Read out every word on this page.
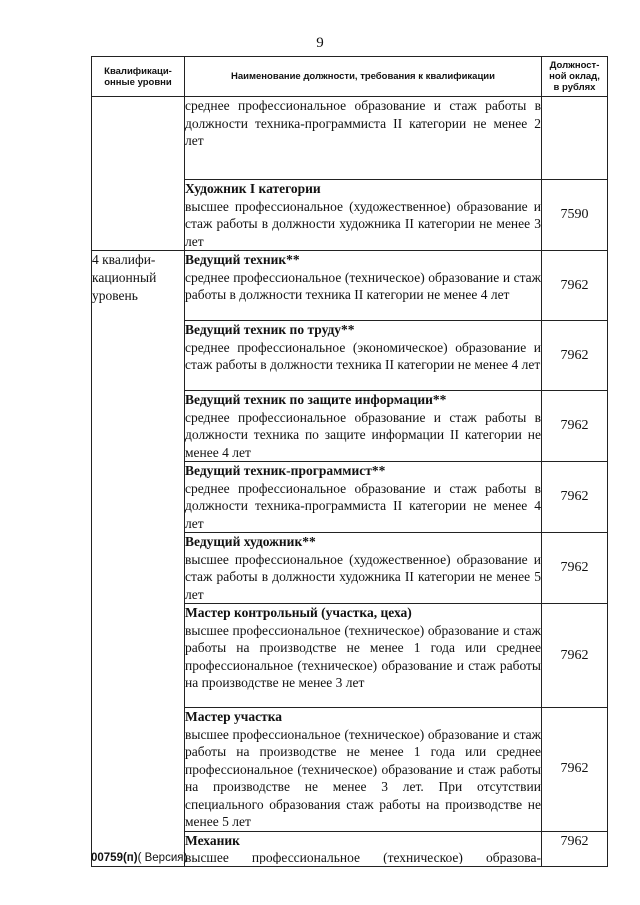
9
Квалификаци-онные уровни	Наименование должности, требования к квалификации	Должност-ной оклад, в рублях

	среднее профессиональное образование и стаж работы в должности техника-программиста II категории не менее 2 лет	

	Художник I категории
высшее профессиональное (художественное) образование и стаж работы в должности художника II категории не менее 3 лет	7590
4 квалифи-кационный уровень	Ведущий техник**
среднее профессиональное (техническое) образование и стаж работы в должности техника II категории не менее 4 лет	7962

	Ведущий техник по труду**
среднее профессиональное (экономическое) образование и стаж работы в должности техника II категории не менее 4 лет	7962

	Ведущий техник по защите информации**
среднее профессиональное образование и стаж работы в должности техника по защите информации II категории не менее 4 лет	7962

	Ведущий техник-программист**
среднее профессиональное образование и стаж работы в должности техника-программиста II категории не менее 4 лет	7962

	Ведущий художник**
высшее профессиональное (художественное) образование и стаж работы в должности художника II категории не менее 5 лет	7962

	Мастер контрольный (участка, цеха)
высшее профессиональное (техническое) образование и стаж работы на производстве не менее 1 года или среднее профессиональное (техническое) образование и стаж работы на производстве не менее 3 лет	7962

	Мастер участка
высшее профессиональное (техническое) образование и стаж работы на производстве не менее 1 года или среднее профессиональное (техническое) образование и стаж работы на производстве не менее 3 лет. При отсутствии специального образования стаж работы на производстве не менее 5 лет	7962

	Механик
высшее профессиональное (техническое) образова-	7962
00759(п)( Версия)
